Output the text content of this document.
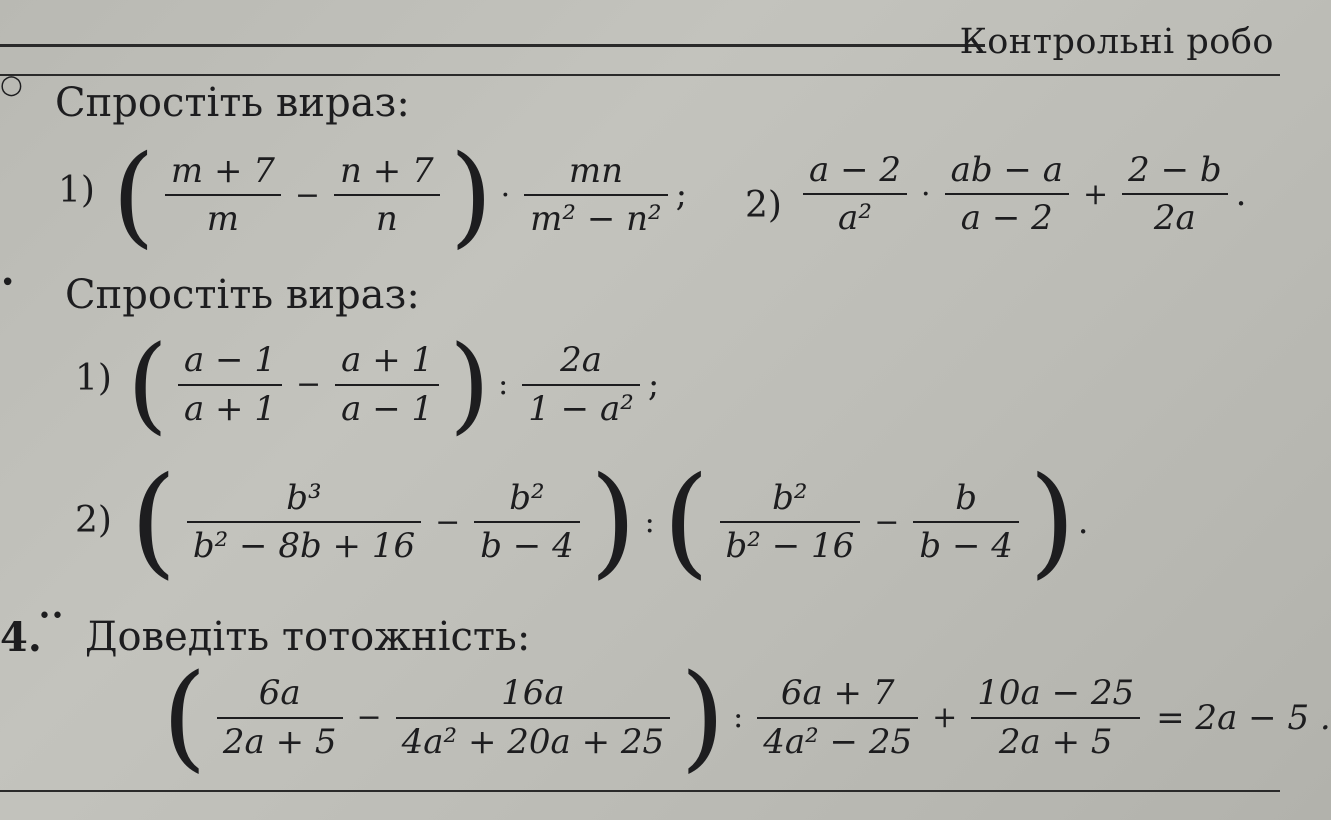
Контрольні робо
○ Спростіть вираз:
1) ( $\frac{m + 7}{m} - \frac{n + 7}{n}$ ) · $\frac{mn}{\text{m² − n²}}$ ; $2) \frac{a - 2}{\text{a²}} \cdot \frac{ab - a}{a - 2} + \frac{2 - b}{2a}$ .
• Спростіть вираз:
1) ( $\frac{a - 1}{a + 1} - \frac{a + 1}{a - 1}$ ) : $\frac{2a}{\text{1 − a²}}$ ;
2) ( $\frac{\text{b³}}{\text{b² − 8b + 16}} - \frac{\text{b²}}{b - 4}$ ) : ( $\frac{\text{b²}}{\text{b² − 16}} - \frac{b}{b - 4}$ ) .
4.
•• Доведіть тотожність:
( $\frac{6a}{2a + 5} - \frac{16a}{\text{4a² + 20a + 25}}$ ) : $\frac{6a + 7}{\text{4a² − 25}} + \frac{10a - 25}{2a + 5} = 2a - 5$ .
